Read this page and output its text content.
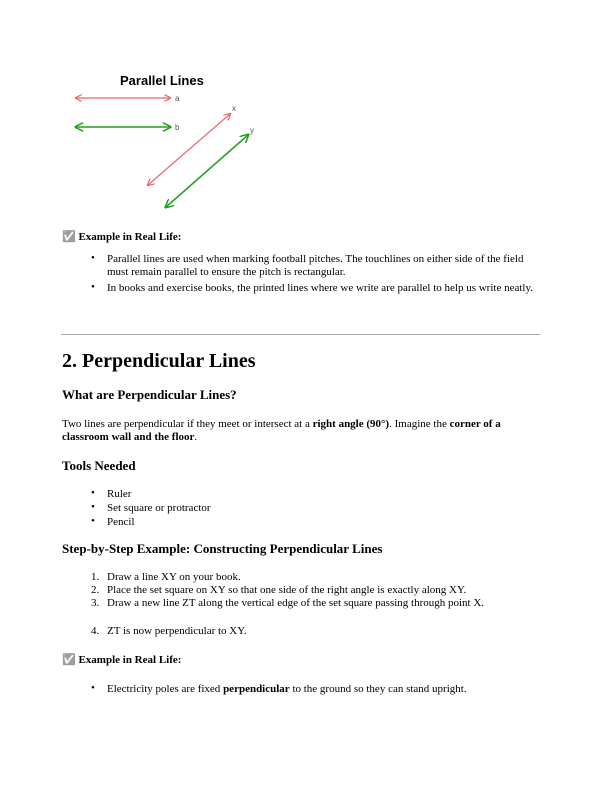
Parallel Lines
a
b
x
y
✅ Example in Real Life:
• Parallel lines are used when marking football pitches. The touchlines on either side of the field must remain parallel to ensure the pitch is rectangular.
• In books and exercise books, the printed lines where we write are parallel to help us write neatly.
2. Perpendicular Lines
What are Perpendicular Lines?
Two lines are perpendicular if they meet or intersect at a right angle (90°). Imagine the corner of a classroom wall and the floor.
Tools Needed
• Ruler
• Set square or protractor
• Pencil
Step-by-Step Example: Constructing Perpendicular Lines
1. Draw a line XY on your book.
2. Place the set square on XY so that one side of the right angle is exactly along XY.
3. Draw a new line ZT along the vertical edge of the set square passing through point X.
4. ZT is now perpendicular to XY.
✅ Example in Real Life:
• Electricity poles are fixed perpendicular to the ground so they can stand upright.
